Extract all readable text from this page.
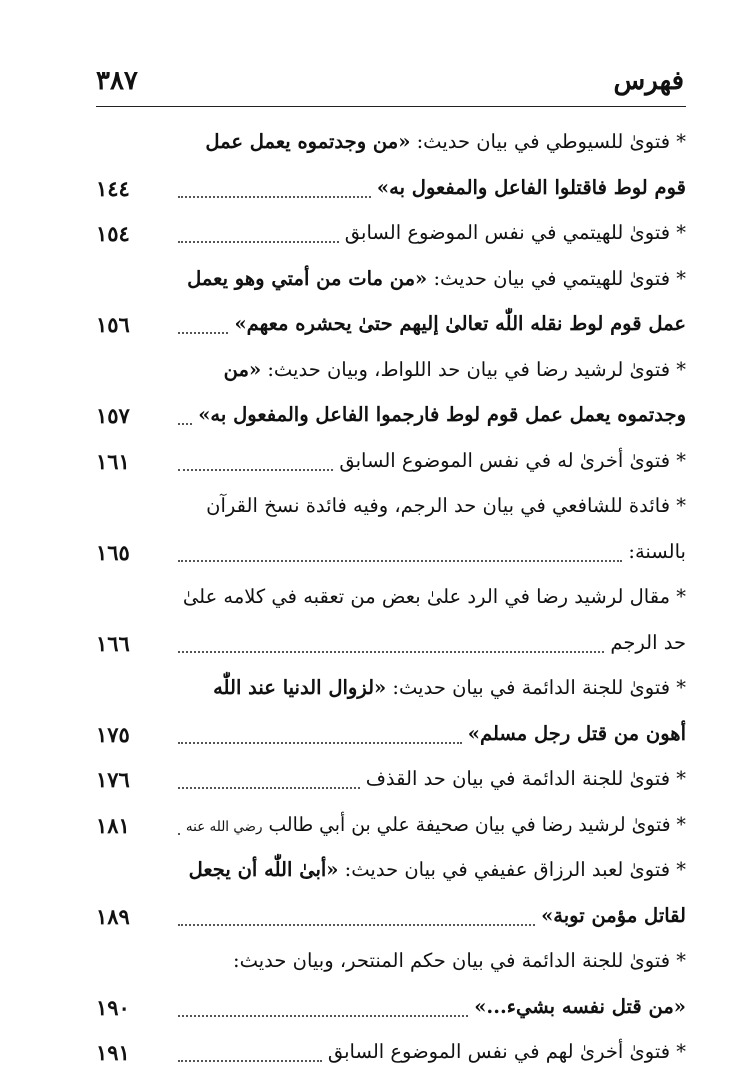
فهرس
٣٨٧
* فتوىٰ للسيوطي في بيان حديث: «من وجدتموه يعمل عمل
قوم لوط فاقتلوا الفاعل والمفعول به»
١٤٤
* فتوىٰ للهيتمي في نفس الموضوع السابق
١٥٤
* فتوىٰ للهيتمي في بيان حديث: «من مات من أمتي وهو يعمل
عمل قوم لوط نقله اللّٰه تعالىٰ إليهم حتىٰ يحشره معهم»
١٥٦
* فتوىٰ لرشيد رضا في بيان حد اللواط، وبيان حديث: «من
وجدتموه يعمل عمل قوم لوط فارجموا الفاعل والمفعول به»
١٥٧
* فتوىٰ أخرىٰ له في نفس الموضوع السابق
١٦١
* فائدة للشافعي في بيان حد الرجم، وفيه فائدة نسخ القرآن
بالسنة:
١٦٥
* مقال لرشيد رضا في الرد علىٰ بعض من تعقبه في كلامه علىٰ
حد الرجم
١٦٦
* فتوىٰ للجنة الدائمة في بيان حديث: «لزوال الدنيا عند اللّٰه
أهون من قتل رجل مسلم»
١٧٥
* فتوىٰ للجنة الدائمة في بيان حد القذف
١٧٦
* فتوىٰ لرشيد رضا في بيان صحيفة علي بن أبي طالب رضي الله عنه
١٨١
* فتوىٰ لعبد الرزاق عفيفي في بيان حديث: «أبىٰ اللّٰه أن يجعل
لقاتل مؤمن توبة»
١٨٩
* فتوىٰ للجنة الدائمة في بيان حكم المنتحر، وبيان حديث:
«من قتل نفسه بشيء...»
١٩٠
* فتوىٰ أخرىٰ لهم في نفس الموضوع السابق
١٩١
